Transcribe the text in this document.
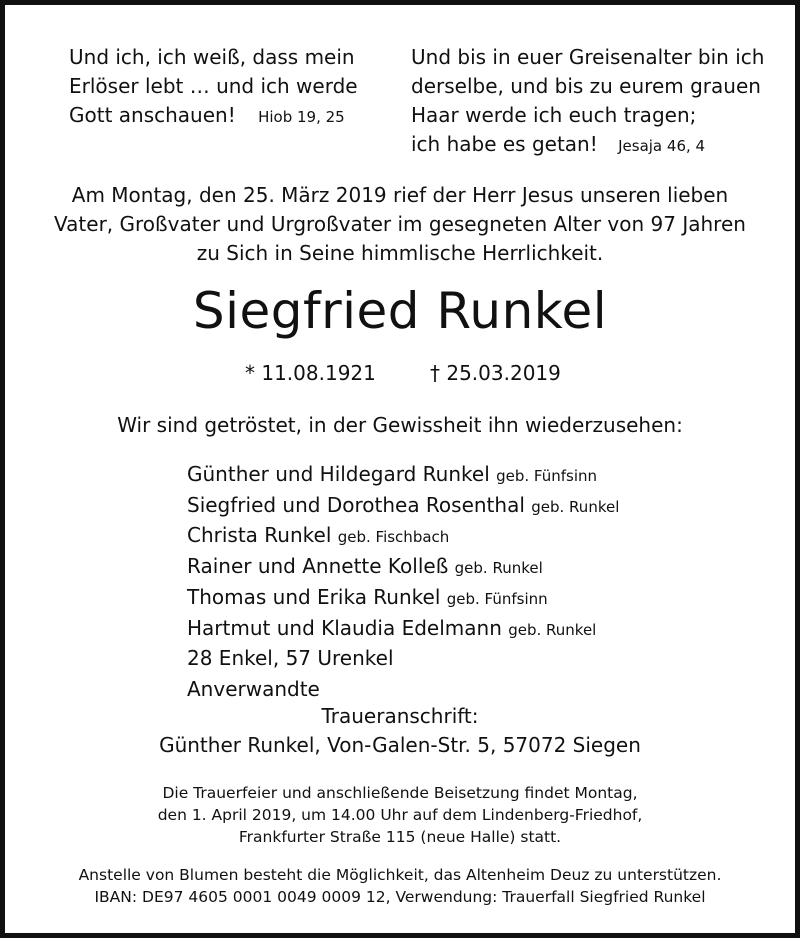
Und ich, ich weiß, dass mein
Erlöser lebt … und ich werde
Gott anschauen! Hiob 19, 25
Und bis in euer Greisenalter bin ich
derselbe, und bis zu eurem grauen
Haar werde ich euch tragen;
ich habe es getan! Jesaja 46, 4
Am Montag, den 25. März 2019 rief der Herr Jesus unseren lieben
Vater, Großvater und Urgroßvater im gesegneten Alter von 97 Jahren
zu Sich in Seine himmlische Herrlichkeit.
Siegfried Runkel
* 11.08.1921	† 25.03.2019
Wir sind getröstet, in der Gewissheit ihn wiederzusehen:
Günther und Hildegard Runkel geb. Fünfsinn
Siegfried und Dorothea Rosenthal geb. Runkel
Christa Runkel geb. Fischbach
Rainer und Annette Kolleß geb. Runkel
Thomas und Erika Runkel geb. Fünfsinn
Hartmut und Klaudia Edelmann geb. Runkel
28 Enkel, 57 Urenkel
Anverwandte
Traueranschrift:
Günther Runkel, Von-Galen-Str. 5, 57072 Siegen
Die Trauerfeier und anschließende Beisetzung findet Montag,
den 1. April 2019, um 14.00 Uhr auf dem Lindenberg-Friedhof,
Frankfurter Straße 115 (neue Halle) statt.
Anstelle von Blumen besteht die Möglichkeit, das Altenheim Deuz zu unterstützen.
IBAN: DE97 4605 0001 0049 0009 12, Verwendung: Trauerfall Siegfried Runkel
